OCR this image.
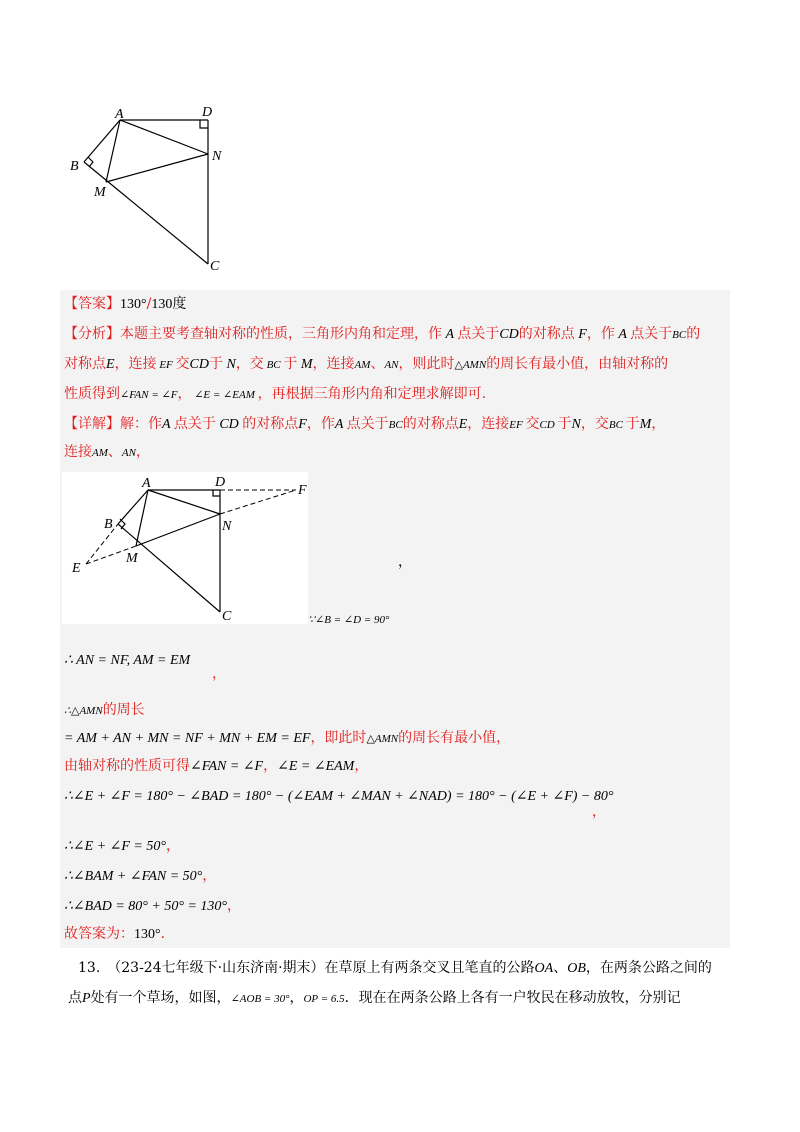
A	D
B
N
M
C
【答案】130°/130度
【分析】本题主要考查轴对称的性质，三角形内角和定理，作 A 点关于CD的对称点 F，作 A 点关于BC的
对称点E，连接 EF 交CD于 N，交 BC 于 M，连接AM、AN，则此时△AMN的周长有最小值，由轴对称的
性质得到∠FAN = ∠F， ∠E = ∠EAM ，再根据三角形内角和定理求解即可.
【详解】解：作A 点关于 CD 的对称点F，作A 点关于BC的对称点E，连接EF 交CD 于N，交BC 于M，
连接AM、AN，
A	D
F
B	N
M
E
C
，
∵∠B = ∠D = 90°
∴ AN = NF, AM = EM
，
∴△AMN的周长
= AM + AN + MN = NF + MN + EM = EF，即此时△AMN的周长有最小值，
由轴对称的性质可得∠FAN = ∠F，∠E = ∠EAM，
∴∠E + ∠F = 180° − ∠BAD = 180° − (∠EAM + ∠MAN + ∠NAD) = 180° − (∠E + ∠F) − 80°
，
∴∠E + ∠F = 50°，
∴∠BAM + ∠FAN = 50°，
∴∠BAD = 80° + 50° = 130°，
故答案为：130°.
13.　（23-24七年级下·山东济南·期末）在草原上有两条交叉且笔直的公路OA、OB，在两条公路之间的
点P处有一个草场，如图，∠AOB = 30°，OP = 6.5．现在在两条公路上各有一户牧民在移动放牧，分别记
